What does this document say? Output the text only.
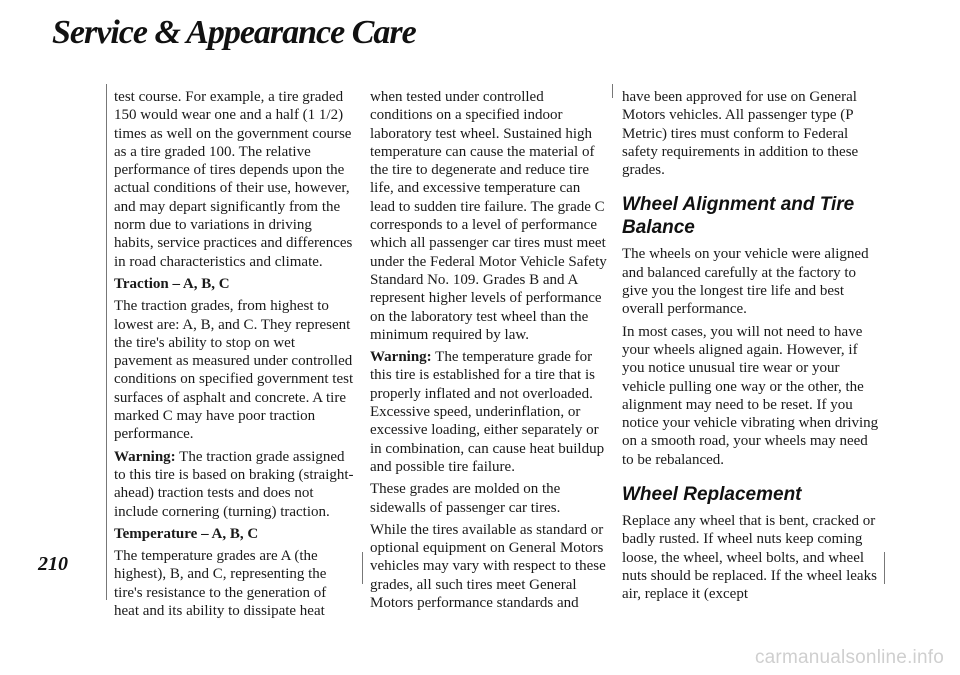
Service & Appearance Care
210

test course. For example, a tire graded 150 would wear one and a half (1 1/2) times as well on the government course as a tire graded 100. The relative performance of tires depends upon the actual conditions of their use, however, and may depart significantly from the norm due to variations in driving habits, service practices and differences in road characteristics and climate.

Traction – A, B, C

The traction grades, from highest to lowest are: A, B, and C. They represent the tire's ability to stop on wet pavement as measured under controlled conditions on specified government test surfaces of asphalt and concrete. A tire marked C may have poor traction performance.

Warning: The traction grade assigned to this tire is based on braking (straight-ahead) traction tests and does not include cornering (turning) traction.

Temperature – A, B, C

The temperature grades are A (the highest), B, and C, representing the tire's resistance to the generation of heat and its ability to dissipate heat

when tested under controlled conditions on a specified indoor laboratory test wheel. Sustained high temperature can cause the material of the tire to degenerate and reduce tire life, and excessive temperature can lead to sudden tire failure. The grade C corresponds to a level of performance which all passenger car tires must meet under the Federal Motor Vehicle Safety Standard No. 109. Grades B and A represent higher levels of performance on the laboratory test wheel than the minimum required by law.

Warning: The temperature grade for this tire is established for a tire that is properly inflated and not overloaded. Excessive speed, underinflation, or excessive loading, either separately or in combination, can cause heat buildup and possible tire failure.

These grades are molded on the sidewalls of passenger car tires.

While the tires available as standard or optional equipment on General Motors vehicles may vary with respect to these grades, all such tires meet General Motors performance standards and

have been approved for use on General Motors vehicles. All passenger type (P Metric) tires must conform to Federal safety requirements in addition to these grades.

Wheel Alignment and Tire Balance

The wheels on your vehicle were aligned and balanced carefully at the factory to give you the longest tire life and best overall performance.

In most cases, you will not need to have your wheels aligned again. However, if you notice unusual tire wear or your vehicle pulling one way or the other, the alignment may need to be reset. If you notice your vehicle vibrating when driving on a smooth road, your wheels may need to be rebalanced.

Wheel Replacement

Replace any wheel that is bent, cracked or badly rusted. If wheel nuts keep coming loose, the wheel, wheel bolts, and wheel nuts should be replaced. If the wheel leaks air, replace it (except

carmanualsonline.info
